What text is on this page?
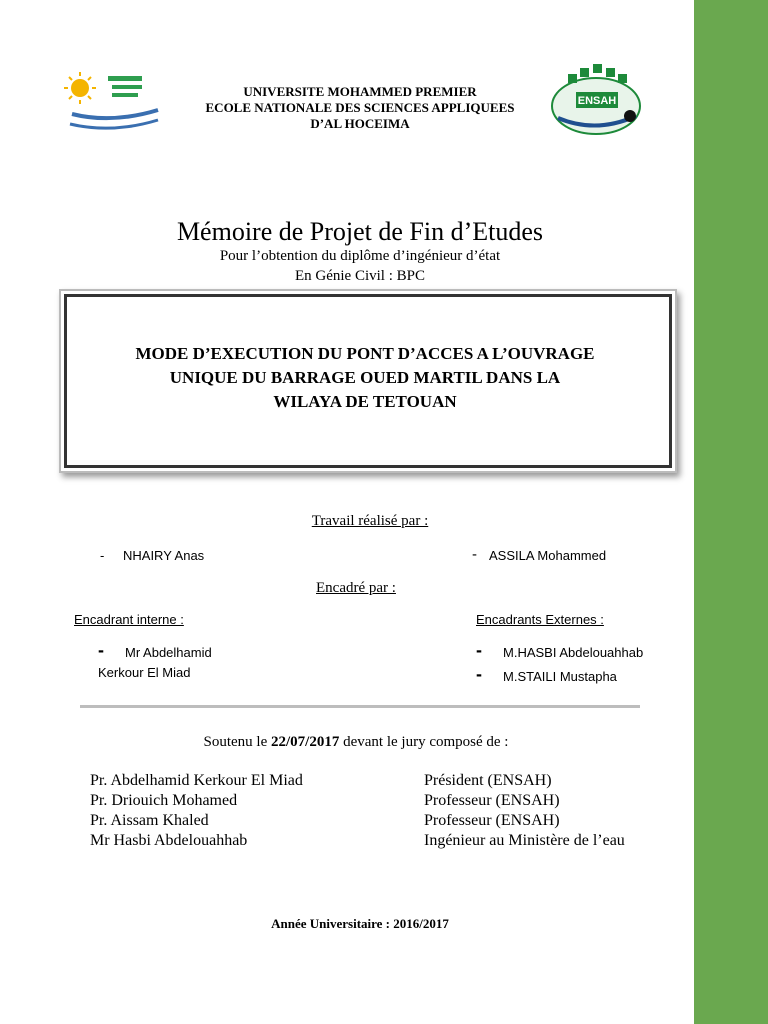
ENSAH
UNIVERSITE MOHAMMED PREMIER
ECOLE NATIONALE DES SCIENCES APPLIQUEES
D’AL HOCEIMA
Mémoire de Projet de Fin d’Etudes
Pour l’obtention du diplôme d’ingénieur d’état
En Génie Civil : BPC
MODE D’EXECUTION DU PONT D’ACCES A L’OUVRAGE
UNIQUE DU BARRAGE OUED MARTIL DANS LA
WILAYA DE TETOUAN
Travail réalisé par :
- NHAIRY Anas	- ASSILA Mohammed
Encadré par :
Encadrant interne :
- Mr Abdelhamid
Kerkour El Miad
Encadrants Externes :
- M.HASBI Abdelouahhab
- M.STAILI Mustapha
Soutenu le 22/07/2017 devant le jury composé de :
Pr. Abdelhamid Kerkour El Miad
Pr. Driouich Mohamed
Pr. Aissam Khaled
Mr Hasbi Abdelouahhab
Président (ENSAH)
Professeur (ENSAH)
Professeur (ENSAH)
Ingénieur au Ministère de l’eau
Année Universitaire : 2016/2017
